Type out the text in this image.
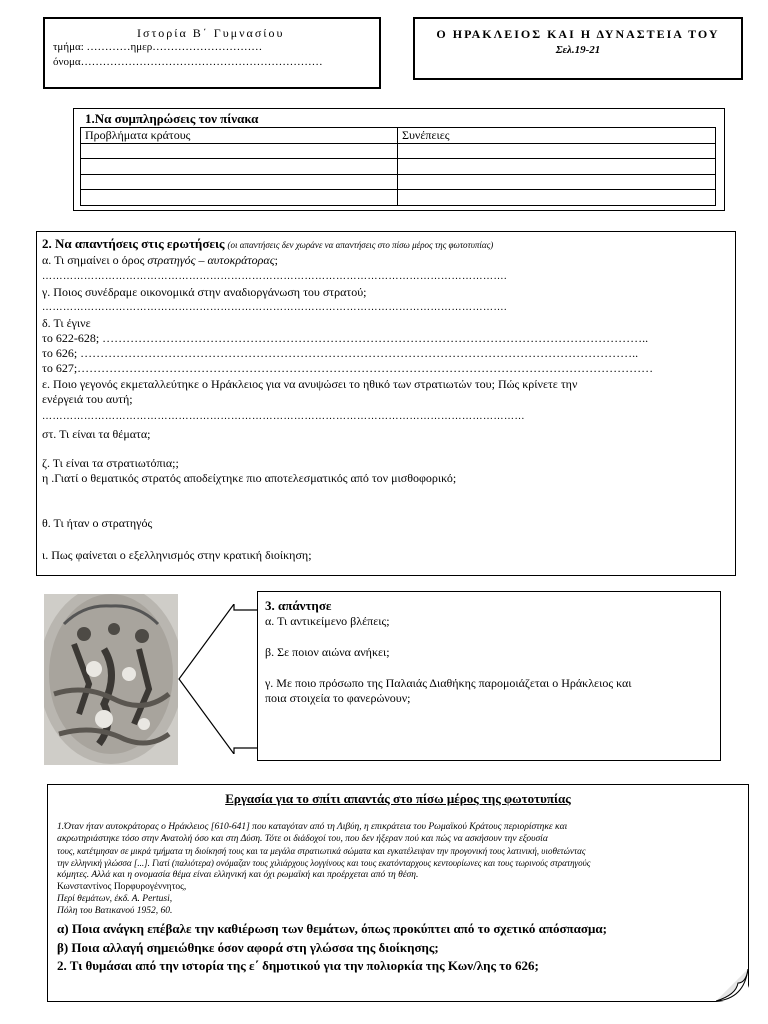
Ιστορία Β΄ Γυμνασίου
τμήμα: …………ημερ…………………………
όνομα…………………………………………………………
Ο ΗΡΑΚΛΕΙΟΣ ΚΑΙ Η ΔΥΝΑΣΤΕΙΑ ΤΟΥ
Σελ.19-21
1.Να συμπληρώσεις τον πίνακα
Προβλήματα κράτους	Συνέπειες

2. Να απαντήσεις στις ερωτήσεις (οι απαντήσεις δεν χωράνε να απαντήσεις στο πίσω μέρος της φωτοτυπίας)
α. Τι σημαίνει ο όρος στρατηγός – αυτοκράτορας;
…………………………………………………………………………………………………………………….
γ. Ποιος συνέδραμε οικονομικά στην αναδιοργάνωση του στρατού;
…………………………………………………………………………………………………………………….
δ. Τι έγινε
το 622-628; ………………………………………………………………………………………………………………………..
το 626; …………………………………………………………………………………………………………………………..
το 627;………………………………………………………………………………………………………………………………
ε. Ποιο γεγονός εκμεταλλεύτηκε ο Ηράκλειος για να ανυψώσει το ηθικό των στρατιωτών του; Πώς κρίνετε την
ενέργειά του αυτή;
…………………………………………………………………………………………………………………………
στ. Τι είναι τα θέματα;
ζ. Τι είναι τα στρατιωτόπια;;
η .Γιατί ο θεματικός στρατός αποδείχτηκε πιο αποτελεσματικός από τον μισθοφορικό;
θ. Τι ήταν ο στρατηγός
ι. Πως φαίνεται ο εξελληνισμός στην κρατική διοίκηση;
3. απάντησε
α. Τι αντικείμενο βλέπεις;
β. Σε ποιον αιώνα ανήκει;
γ. Με ποιο πρόσωπο της Παλαιάς Διαθήκης παρομοιάζεται ο Ηράκλειος και
ποια στοιχεία το φανερώνουν;
Εργασία για το σπίτι απαντάς στο πίσω μέρος της φωτοτυπίας
1.Όταν ήταν αυτοκράτορας ο Ηράκλειος [610-641] που καταγόταν από τη Λιβύη, η επικράτεια του Ρωμαϊκού Κράτους περιορίστηκε και
ακρωτηριάστηκε τόσο στην Ανατολή όσο και στη Δύση. Τότε οι διάδοχοί του, που δεν ήξεραν πού και πώς να ασκήσουν την εξουσία
τους, κατέτμησαν σε μικρά τμήματα τη διοίκησή τους και τα μεγάλα στρατιωτικά σώματα και εγκατέλειψαν την προγονική τους λατινική, υιοθετώντας
την ελληνική γλώσσα [...]. Γιατί (παλιότερα) ονόμαζαν τους χιλιάρχους λογγίνους και τους εκατόνταρχους κεντουρίωνες και τους τωρινούς στρατηγούς
κόμητες. Αλλά και η ονομασία θέμα είναι ελληνική και όχι ρωμαϊκή και προέρχεται από τη θέση.
Κωνσταντίνος Πορφυρογέννητος,
Περί θεμάτων, έκδ. Α. Pertusi,
Πόλη του Βατικανού 1952, 60.
α) Ποια ανάγκη επέβαλε την καθιέρωση των θεμάτων, όπως προκύπτει από το σχετικό απόσπασμα;
β) Ποια αλλαγή σημειώθηκε όσον αφορά στη γλώσσα της διοίκησης;
2. Τι θυμάσαι από την ιστορία της ε΄ δημοτικού για την πολιορκία της Κων/λης το 626;
